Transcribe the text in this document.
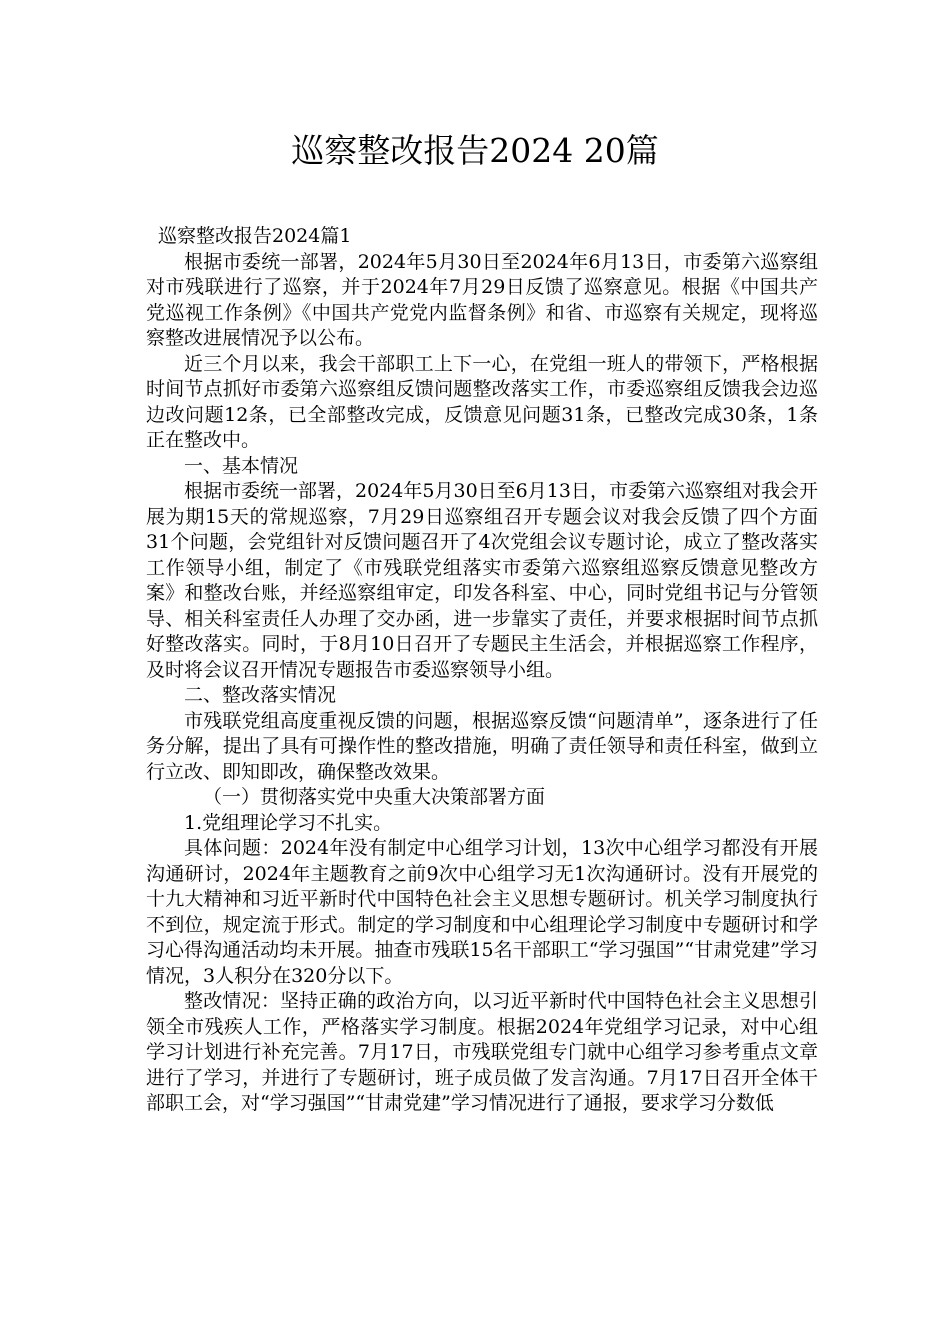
巡察整改报告2024 20篇

巡察整改报告2024篇1

根据市委统一部署，2024年5月30日至2024年6月13日，市委第六巡察组对市残联进行了巡察，并于2024年7月29日反馈了巡察意见。根据《中国共产党巡视工作条例》《中国共产党党内监督条例》和省、市巡察有关规定，现将巡察整改进展情况予以公布。

近三个月以来，我会干部职工上下一心，在党组一班人的带领下，严格根据时间节点抓好市委第六巡察组反馈问题整改落实工作，市委巡察组反馈我会边巡边改问题12条，已全部整改完成，反馈意见问题31条，已整改完成30条，1条正在整改中。

一、基本情况

根据市委统一部署，2024年5月30日至6月13日，市委第六巡察组对我会开展为期15天的常规巡察，7月29日巡察组召开专题会议对我会反馈了四个方面31个问题，会党组针对反馈问题召开了4次党组会议专题讨论，成立了整改落实工作领导小组，制定了《市残联党组落实市委第六巡察组巡察反馈意见整改方案》和整改台账，并经巡察组审定，印发各科室、中心，同时党组书记与分管领导、相关科室责任人办理了交办函，进一步靠实了责任，并要求根据时间节点抓好整改落实。同时，于8月10日召开了专题民主生活会，并根据巡察工作程序，及时将会议召开情况专题报告市委巡察领导小组。

二、整改落实情况

市残联党组高度重视反馈的问题，根据巡察反馈“问题清单”，逐条进行了任务分解，提出了具有可操作性的整改措施，明确了责任领导和责任科室，做到立行立改、即知即改，确保整改效果。

（一）贯彻落实党中央重大决策部署方面

1.党组理论学习不扎实。

具体问题：2024年没有制定中心组学习计划，13次中心组学习都没有开展沟通研讨，2024年主题教育之前9次中心组学习无1次沟通研讨。没有开展党的十九大精神和习近平新时代中国特色社会主义思想专题研讨。机关学习制度执行不到位，规定流于形式。制定的学习制度和中心组理论学习制度中专题研讨和学习心得沟通活动均未开展。抽查市残联15名干部职工“学习强国”“甘肃党建”学习情况，3人积分在320分以下。

整改情况：坚持正确的政治方向，以习近平新时代中国特色社会主义思想引领全市残疾人工作，严格落实学习制度。根据2024年党组学习记录，对中心组学习计划进行补充完善。7月17日，市残联党组专门就中心组学习参考重点文章进行了学习，并进行了专题研讨，班子成员做了发言沟通。7月17日召开全体干部职工会，对“学习强国”“甘肃党建”学习情况进行了通报，要求学习分数低
